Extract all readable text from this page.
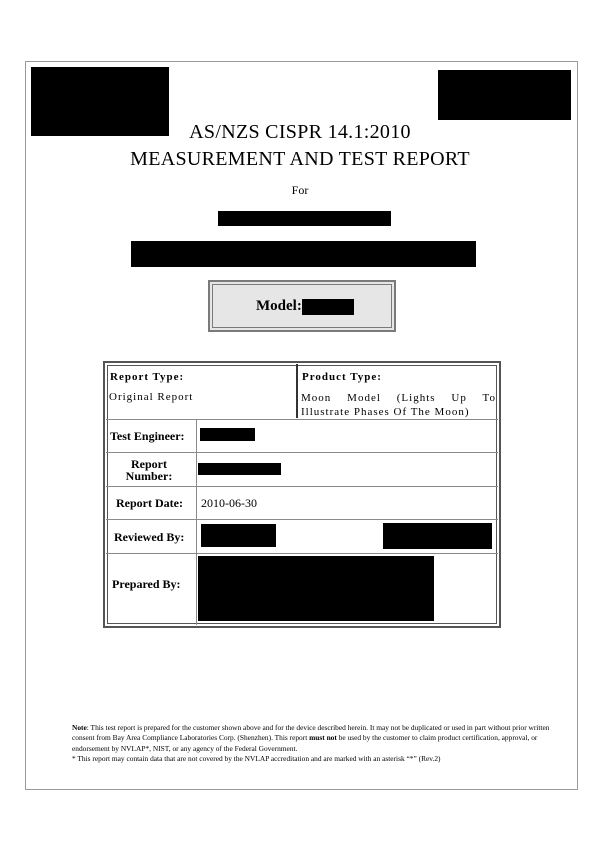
AS/NZS CISPR 14.1:2010
MEASUREMENT AND TEST REPORT
For
Model:
Report Type:
Original Report
Product Type:
Moon Model (Lights Up To Illustrate Phases Of The Moon)
Test Engineer:
Report Number:
Report Date: 2010-06-30
Reviewed By:
Prepared By:
Note: This test report is prepared for the customer shown above and for the device described herein. It may not be duplicated or used in part without prior written consent from Bay Area Compliance Laboratories Corp. (Shenzhen). This report must not be used by the customer to claim product certification, approval, or endorsement by NVLAP*, NIST, or any agency of the Federal Government.
* This report may contain data that are not covered by the NVLAP accreditation and are marked with an asterisk “*” (Rev.2)
